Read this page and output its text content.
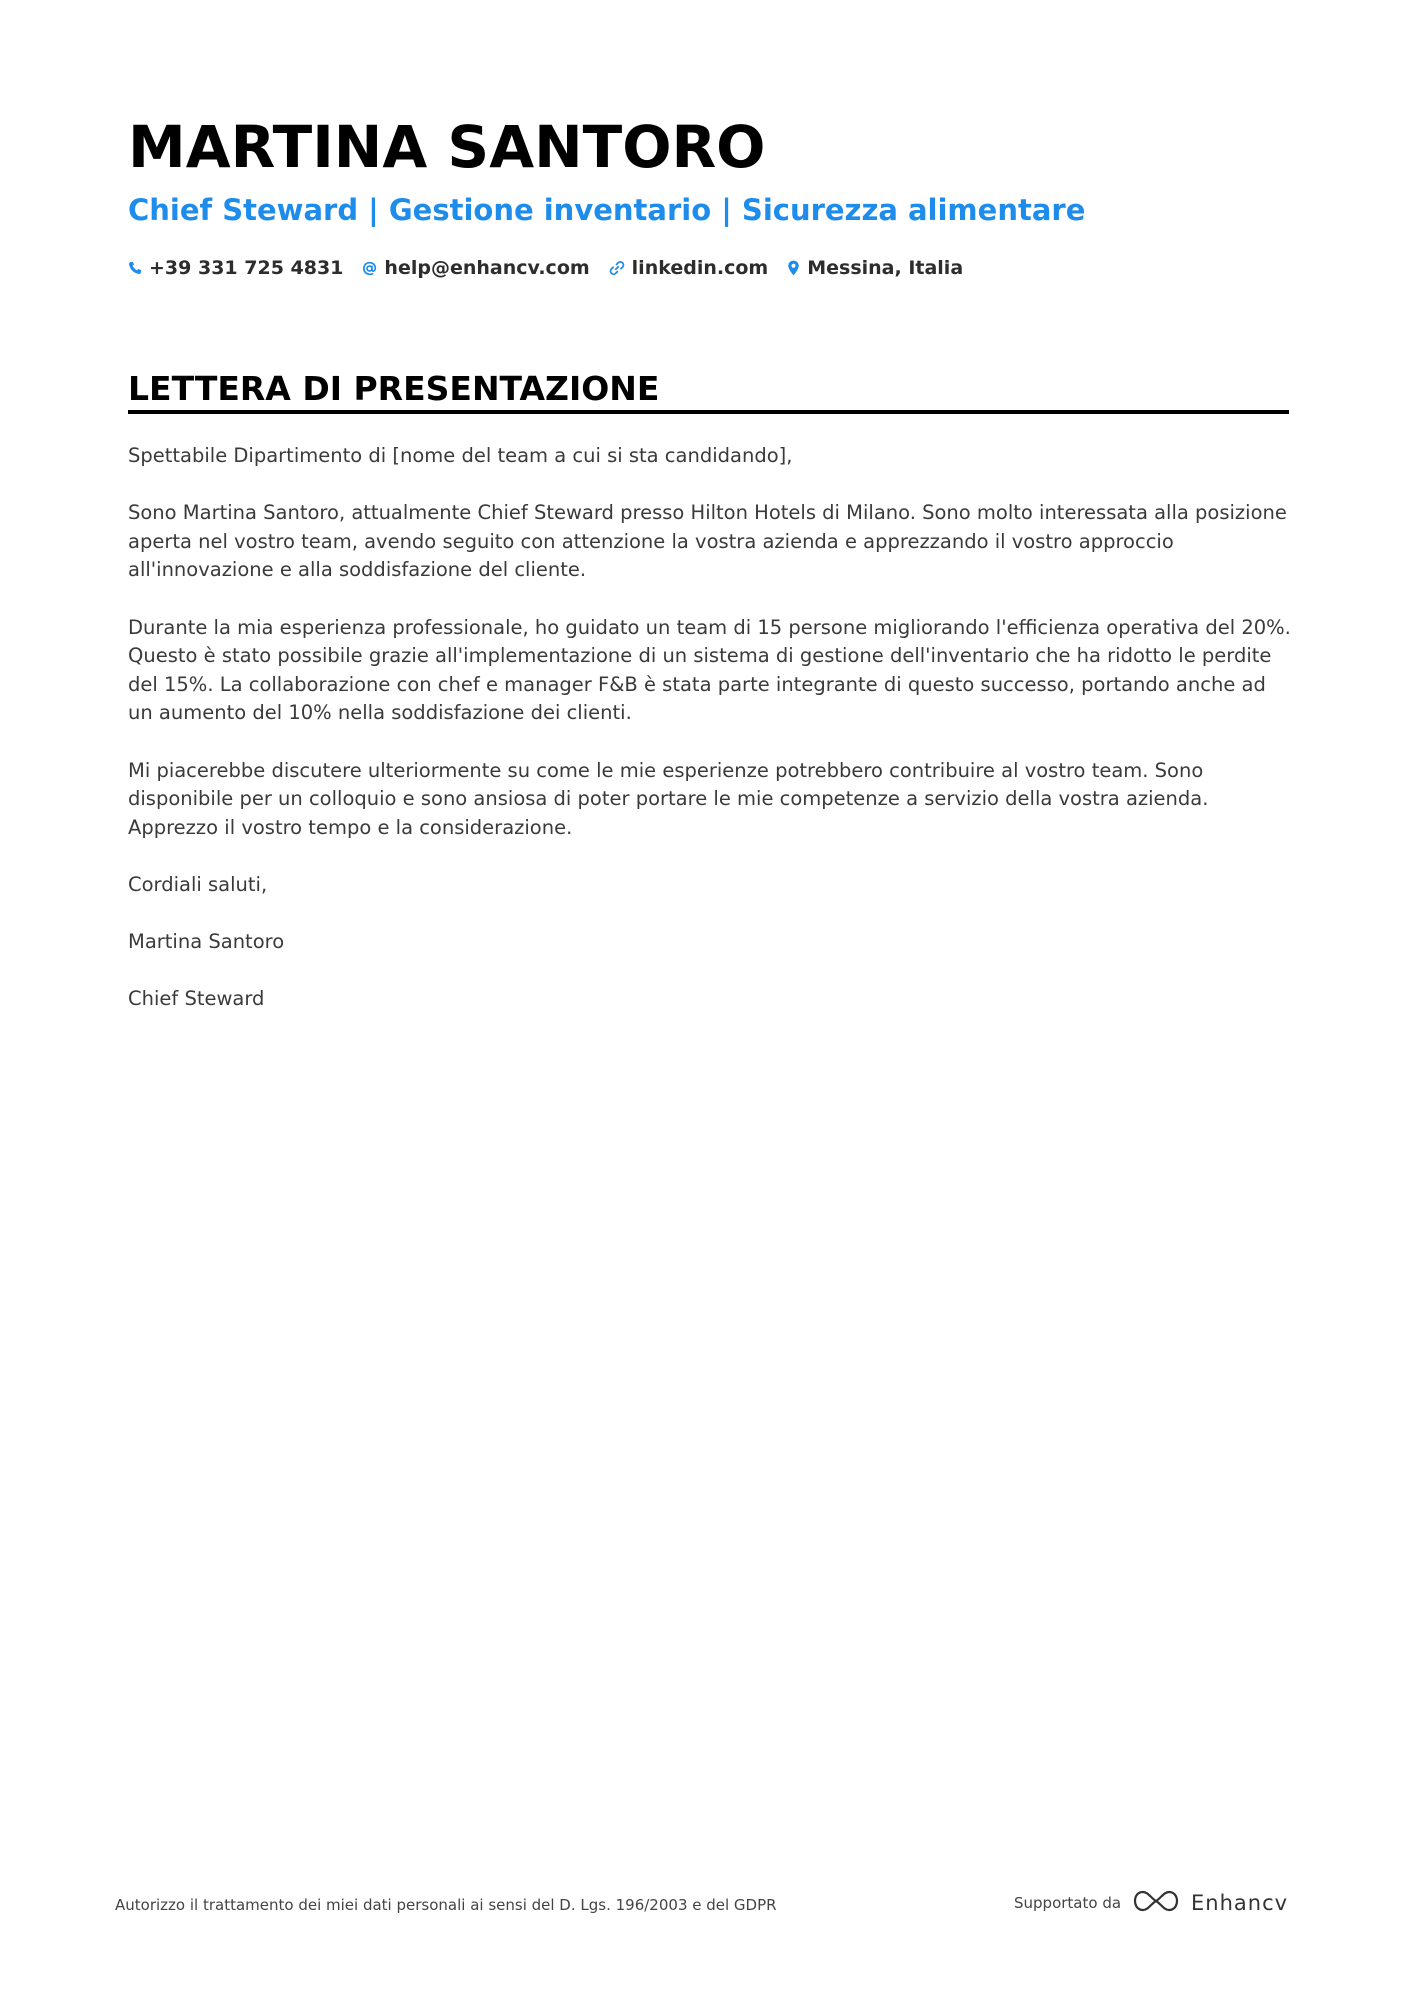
MARTINA SANTORO
Chief Steward | Gestione inventario | Sicurezza alimentare
+39 331 725 4831 help@enhancv.com linkedin.com Messina, Italia
LETTERA DI PRESENTAZIONE

Spettabile Dipartimento di [nome del team a cui si sta candidando],

Sono Martina Santoro, attualmente Chief Steward presso Hilton Hotels di Milano. Sono molto interessata alla posizione aperta nel vostro team, avendo seguito con attenzione la vostra azienda e apprezzando il vostro approccio all'innovazione e alla soddisfazione del cliente.

Durante la mia esperienza professionale, ho guidato un team di 15 persone migliorando l'efficienza operativa del 20%. Questo è stato possibile grazie all'implementazione di un sistema di gestione dell'inventario che ha ridotto le perdite del 15%. La collaborazione con chef e manager F&B è stata parte integrante di questo successo, portando anche ad un aumento del 10% nella soddisfazione dei clienti.

Mi piacerebbe discutere ulteriormente su come le mie esperienze potrebbero contribuire al vostro team. Sono disponibile per un colloquio e sono ansiosa di poter portare le mie competenze a servizio della vostra azienda. Apprezzo il vostro tempo e la considerazione.

Cordiali saluti,

Martina Santoro

Chief Steward

Autorizzo il trattamento dei miei dati personali ai sensi del D. Lgs. 196/2003 e del GDPR	Supportato da	Enhancv
